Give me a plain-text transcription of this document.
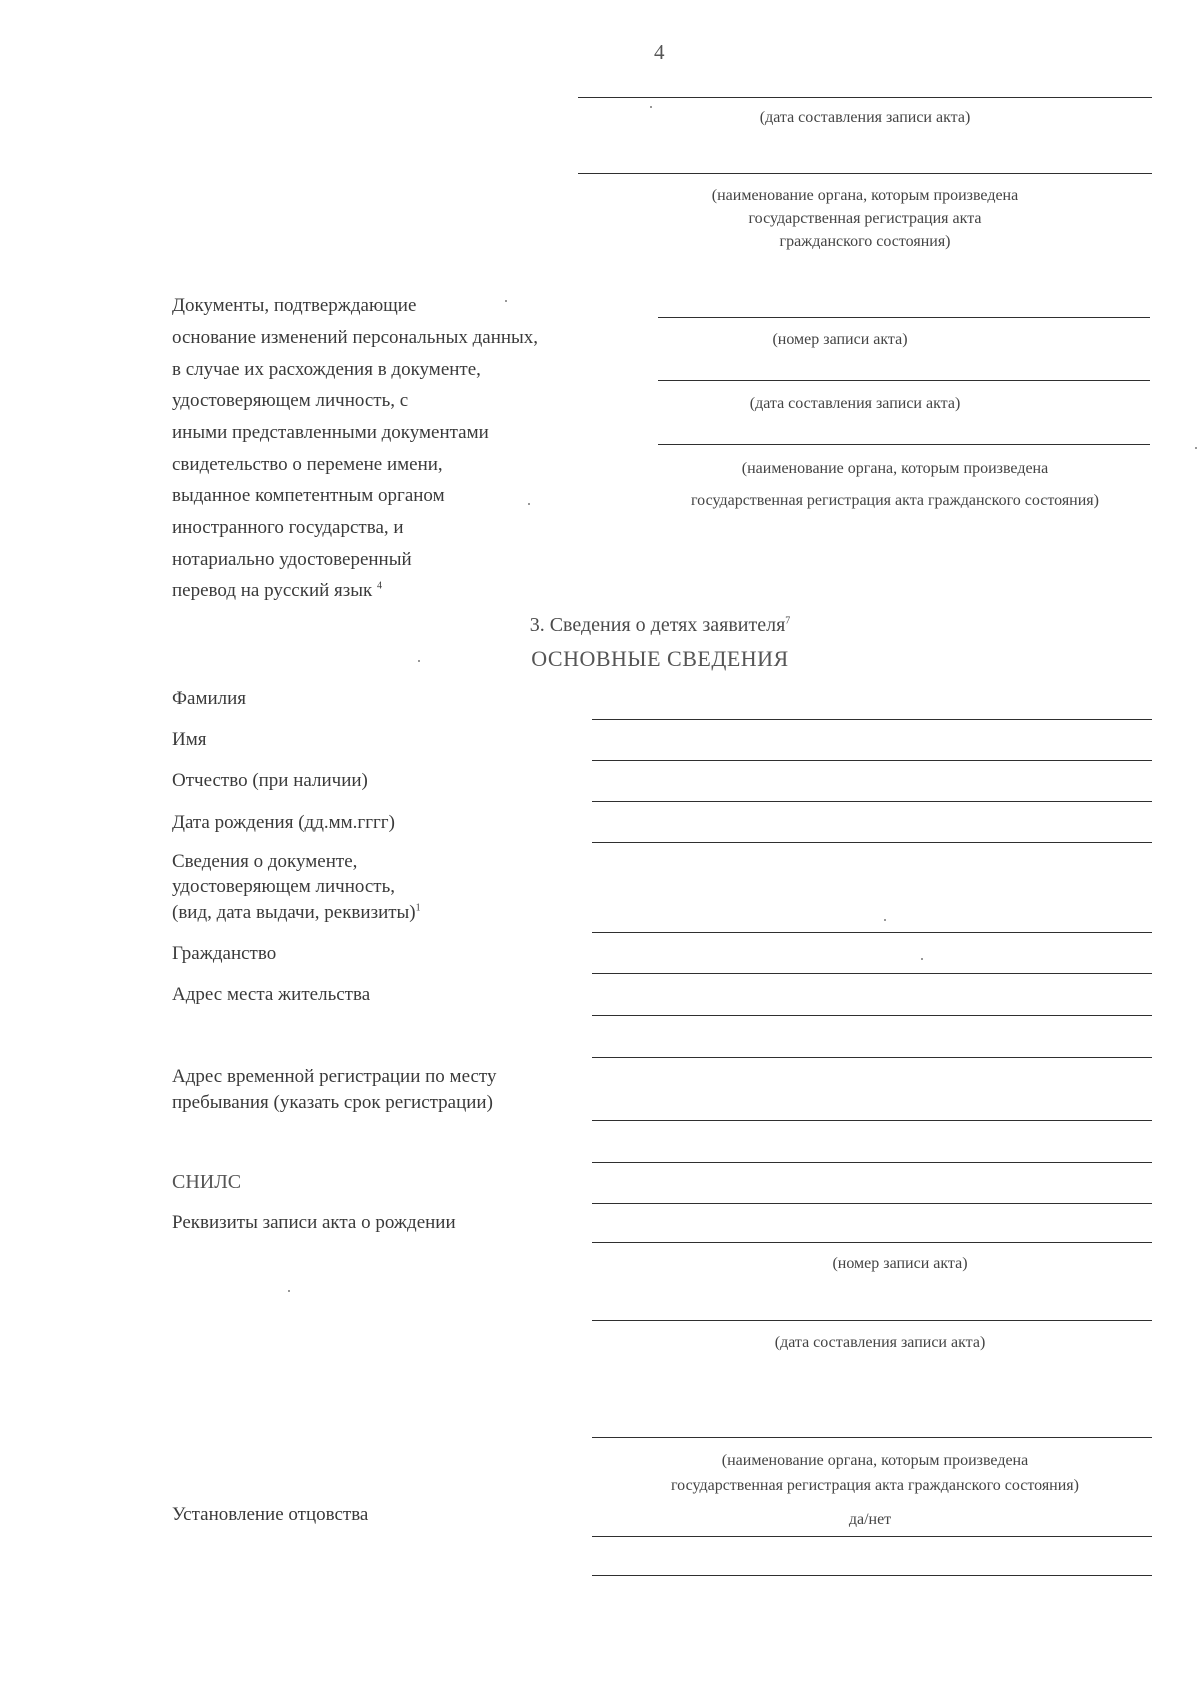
4
(дата составления записи акта)
(наименование органа, которым произведена
государственная регистрация акта
гражданского состояния)
Документы, подтверждающие
основание изменений персональных данных,
в случае их расхождения в документе,
удостоверяющем личность, с
иными представленными документами
свидетельство о перемене имени,
выданное компетентным органом
иностранного государства, и
нотариально удостоверенный
перевод на русский язык $^4$
(номер записи акта)
(дата составления записи акта)
(наименование органа, которым произведена
государственная регистрация акта гражданского состояния)
3. Сведения о детях заявителя$^7$
ОСНОВНЫЕ СВЕДЕНИЯ
Фамилия
Имя
Отчество (при наличии)
Дата рождения (дд.мм.гггг)
Сведения о документе,
удостоверяющем личность,
(вид, дата выдачи, реквизиты)$^1$
Гражданство
Адрес места жительства
Адрес временной регистрации по месту
пребывания (указать срок регистрации)
СНИЛС
Реквизиты записи акта о рождении
(номер записи акта)
(дата составления записи акта)
(наименование органа, которым произведена
государственная регистрация акта гражданского состояния)
Установление отцовства	да/нет
